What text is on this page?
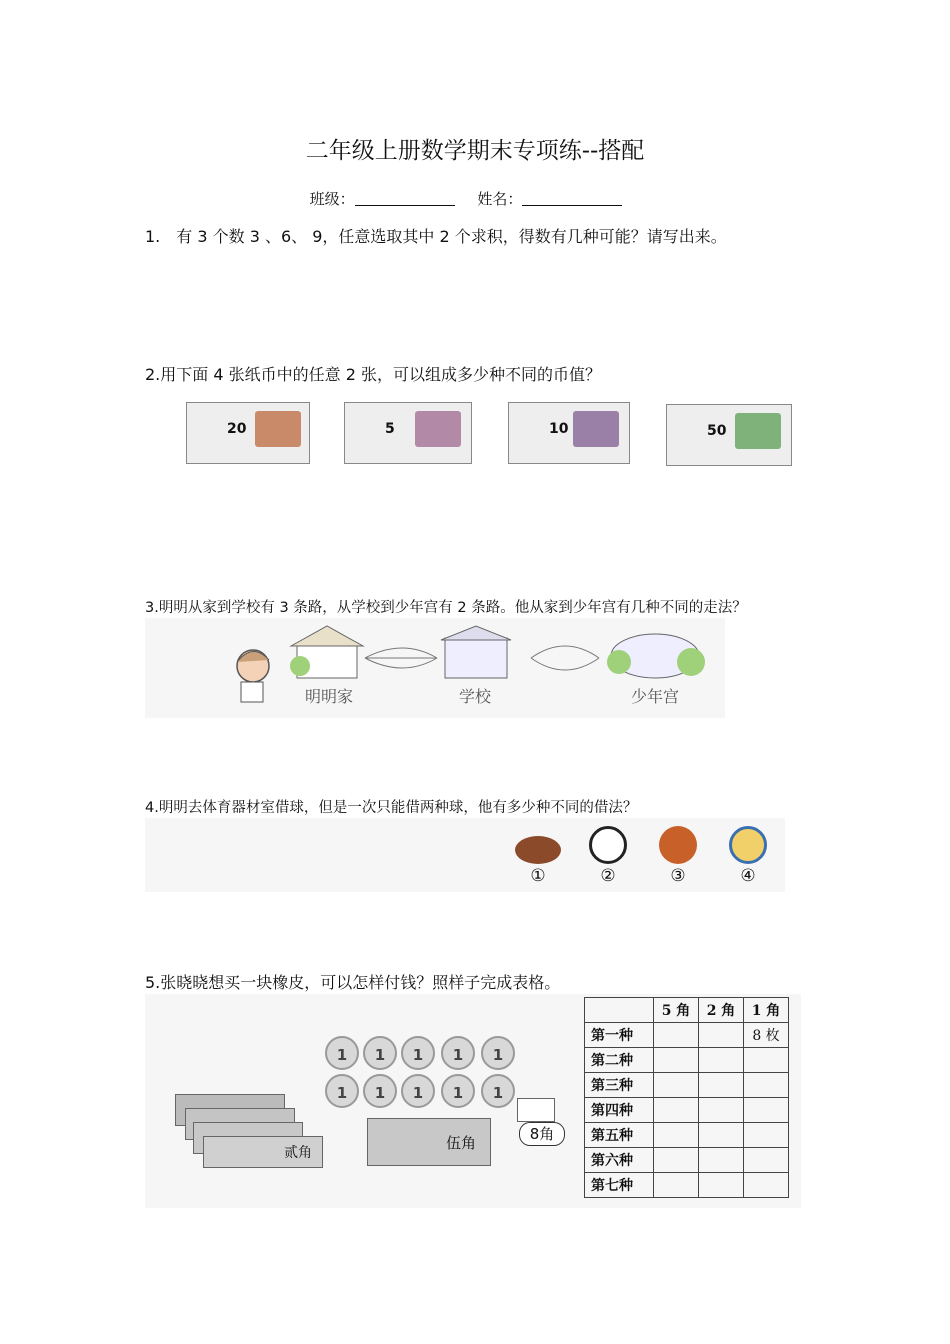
二年级上册数学期末专项练--搭配
班级：	姓名：
1.　有 3 个数 3 、6、 9，任意选取其中 2 个求积，得数有几种可能？请写出来。
2.用下面 4 张纸币中的任意 2 张，可以组成多少种不同的币值？
20	5	10	50
3.明明从家到学校有 3 条路，从学校到少年宫有 2 条路。他从家到少年宫有几种不同的走法？
明明家	学校	少年宫
4.明明去体育器材室借球，但是一次只能借两种球，他有多少种不同的借法？
①	②	③	④
5.张晓晓想买一块橡皮，可以怎样付钱？照样子完成表格。
贰角
1	1	1	1	1
1	1	1	1	1
伍角	8角
	5 角	2 角	1 角
第一种			8 枚
第二种			
第三种			
第四种			
第五种			
第六种			
第七种			
